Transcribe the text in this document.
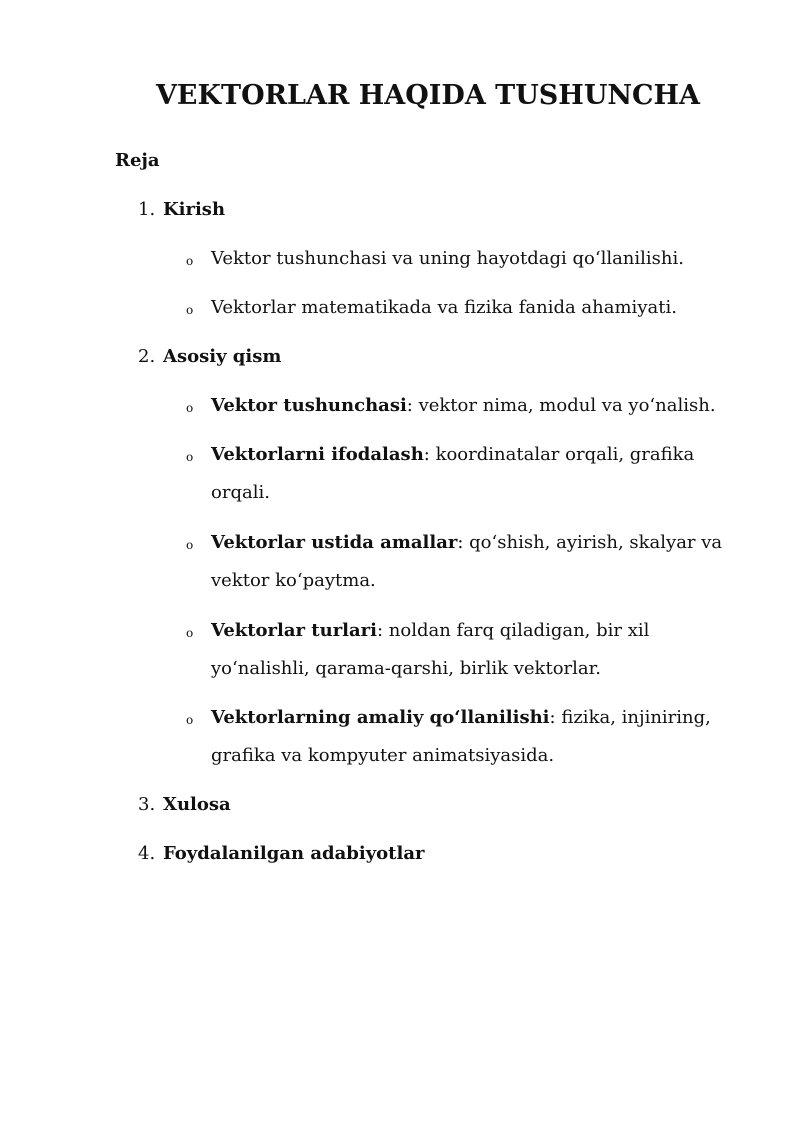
VEKTORLAR HAQIDA TUSHUNCHA

Reja

1. Kirish
o Vektor tushunchasi va uning hayotdagi qo‘llanilishi.
o Vektorlar matematikada va fizika fanida ahamiyati.
2. Asosiy qism
o Vektor tushunchasi: vektor nima, modul va yo‘nalish.
o Vektorlarni ifodalash: koordinatalar orqali, grafika orqali.
o Vektorlar ustida amallar: qo‘shish, ayirish, skalyar va vektor ko‘paytma.
o Vektorlar turlari: noldan farq qiladigan, bir xil yo‘nalishli, qarama-qarshi, birlik vektorlar.
o Vektorlarning amaliy qo‘llanilishi: fizika, injiniring, grafika va kompyuter animatsiyasida.
3. Xulosa
4. Foydalanilgan adabiyotlar
